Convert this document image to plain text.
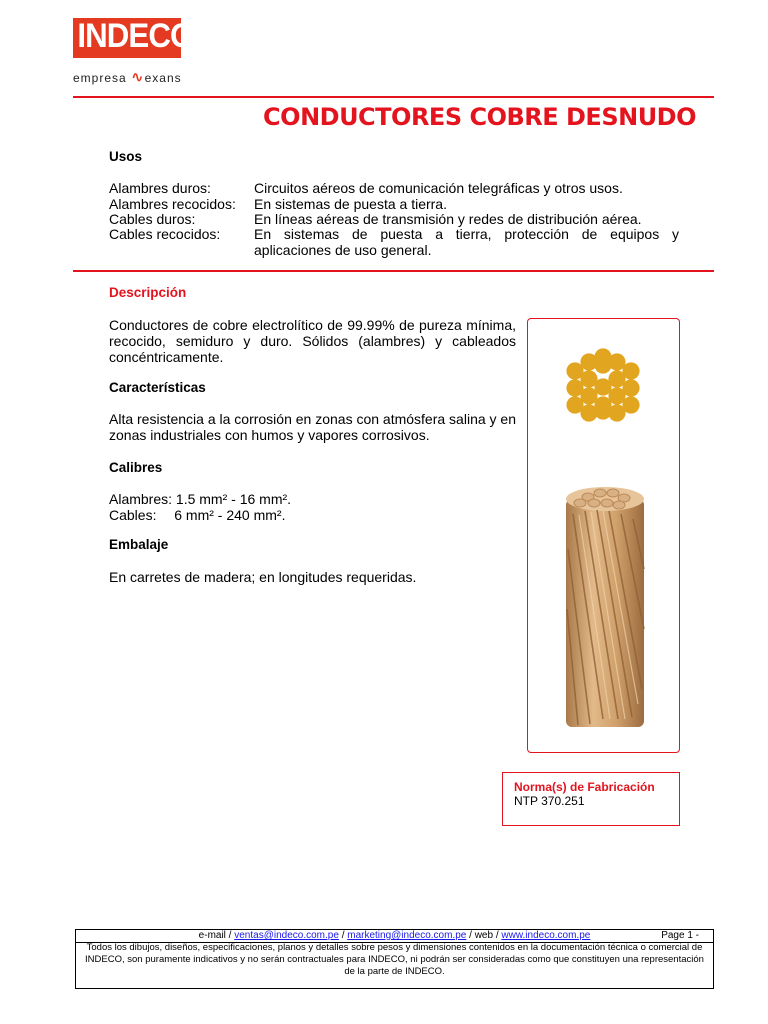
INDECO
empresa ∿exans
CONDUCTORES COBRE DESNUDO
Usos
Alambres duros:	Circuitos aéreos de comunicación telegráficas y otros usos.
Alambres recocidos:	En sistemas de puesta a tierra.
Cables duros:	En líneas aéreas de transmisión y redes de distribución aérea.
Cables recocidos:	En sistemas de puesta a tierra, protección de equipos y aplicaciones de uso general.
Descripción
Conductores de cobre electrolítico de 99.99% de pureza mínima, recocido, semiduro y duro. Sólidos (alambres) y cableados concéntricamente.
Características
Alta resistencia a la corrosión en zonas con atmósfera salina y en zonas industriales con humos y vapores corrosivos.
Calibres
Alambres: 1.5 mm² - 16 mm².
Cables: 6 mm² - 240 mm².
Embalaje
En carretes de madera; en longitudes requeridas.
Norma(s) de Fabricación
NTP 370.251
e-mail / ventas@indeco.com.pe / marketing@indeco.com.pe / web / www.indeco.com.pe	Page 1 -
Todos los dibujos, diseños, especificaciones, planos y detalles sobre pesos y dimensiones contenidos en la documentación técnica o comercial de INDECO, son puramente indicativos y no serán contractuales para INDECO, ni podrán ser consideradas como que constituyen una representación de la parte de INDECO.
